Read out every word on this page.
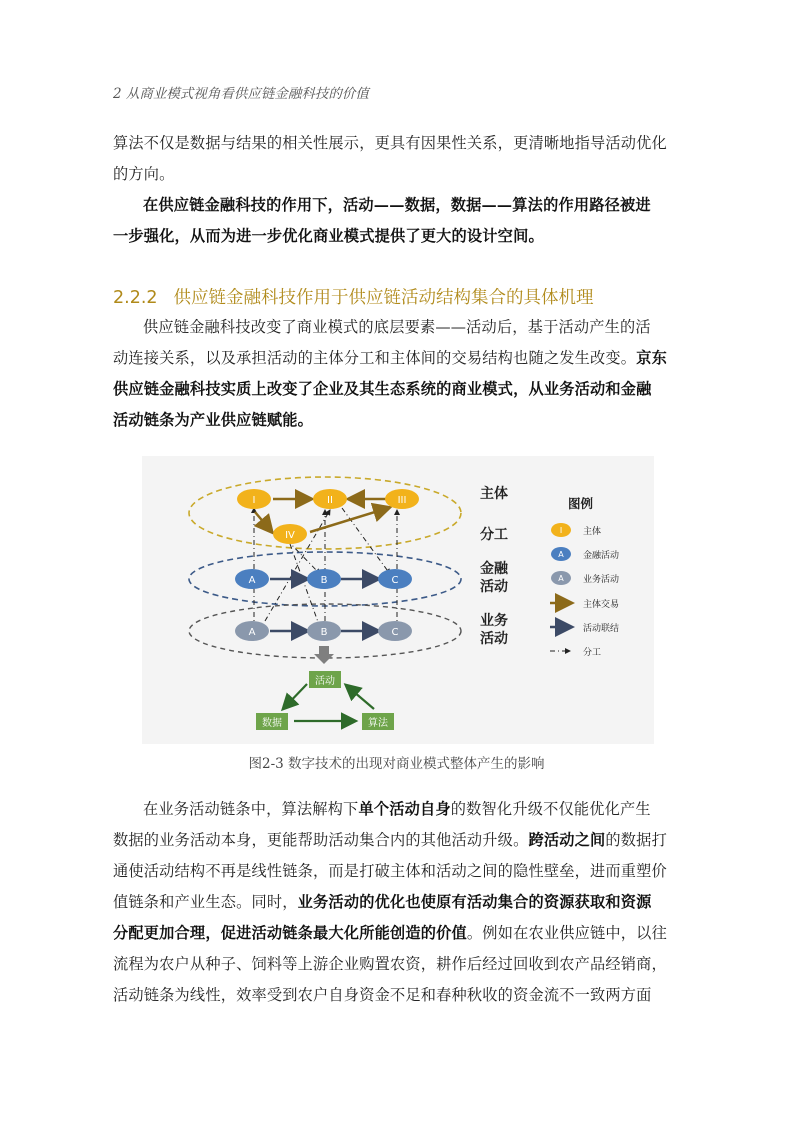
2 从商业模式视角看供应链金融科技的价值
算法不仅是数据与结果的相关性展示，更具有因果性关系，更清晰地指导活动优化
的方向。
在供应链金融科技的作用下，活动——数据，数据——算法的作用路径被进
一步强化，从而为进一步优化商业模式提供了更大的设计空间。
2.2.2 供应链金融科技作用于供应链活动结构集合的具体机理
供应链金融科技改变了商业模式的底层要素——活动后，基于活动产生的活
动连接关系，以及承担活动的主体分工和主体间的交易结构也随之发生改变。京东
供应链金融科技实质上改变了企业及其生态系统的商业模式，从业务活动和金融
活动链条为产业供应链赋能。
I	II	III
IV
A	B	C
A	B	C
主体
分工
金融
活动
业务
活动
活动
数据	算法
图例
I 主体
A 金融活动
A 业务活动
主体交易
活动联结
分工
图2-3 数字技术的出现对商业模式整体产生的影响
在业务活动链条中，算法解构下单个活动自身的数智化升级不仅能优化产生
数据的业务活动本身，更能帮助活动集合内的其他活动升级。跨活动之间的数据打
通使活动结构不再是线性链条，而是打破主体和活动之间的隐性壁垒，进而重塑价
值链条和产业生态。同时，业务活动的优化也使原有活动集合的资源获取和资源
分配更加合理，促进活动链条最大化所能创造的价值。例如在农业供应链中，以往
流程为农户从种子、饲料等上游企业购置农资，耕作后经过回收到农产品经销商，
活动链条为线性，效率受到农户自身资金不足和春种秋收的资金流不一致两方面
